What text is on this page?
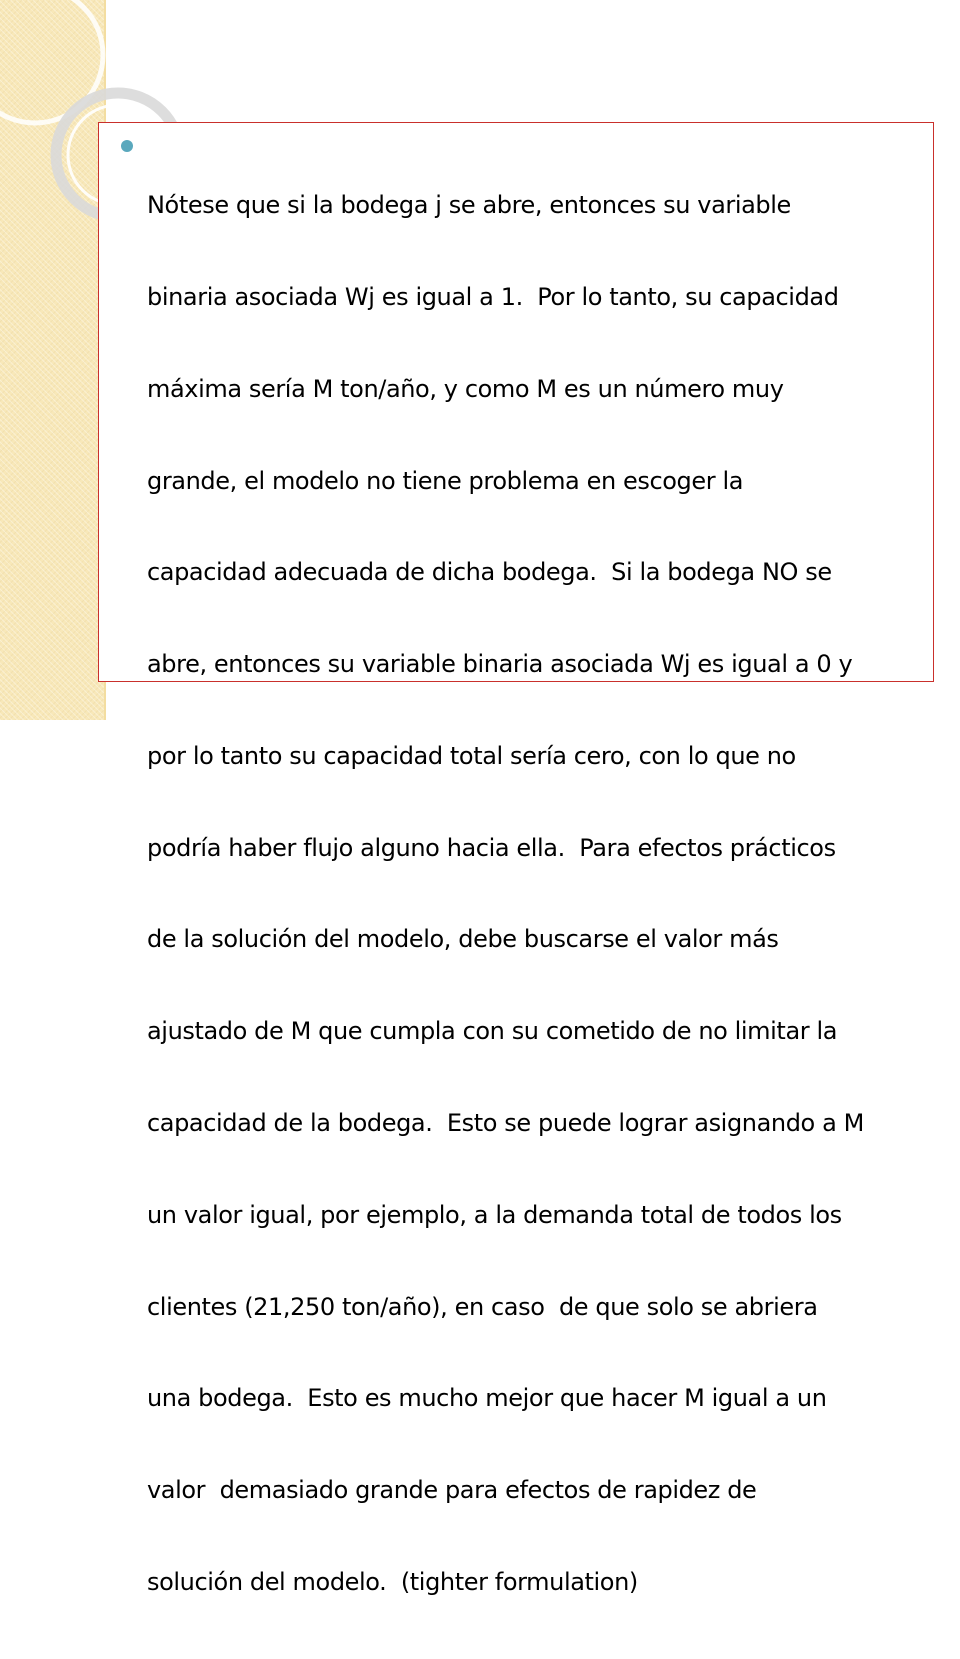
Nótese que si la bodega j se abre, entonces su variable

binaria asociada Wj es igual a 1.  Por lo tanto, su capacidad

máxima sería M ton/año, y como M es un número muy

grande, el modelo no tiene problema en escoger la

capacidad adecuada de dicha bodega.  Si la bodega NO se

abre, entonces su variable binaria asociada Wj es igual a 0 y

por lo tanto su capacidad total sería cero, con lo que no

podría haber flujo alguno hacia ella.  Para efectos prácticos

de la solución del modelo, debe buscarse el valor más

ajustado de M que cumpla con su cometido de no limitar la

capacidad de la bodega.  Esto se puede lograr asignando a M

un valor igual, por ejemplo, a la demanda total de todos los

clientes (21,250 ton/año), en caso  de que solo se abriera

una bodega.  Esto es mucho mejor que hacer M igual a un

valor  demasiado grande para efectos de rapidez de

solución del modelo.  (tighter formulation)
